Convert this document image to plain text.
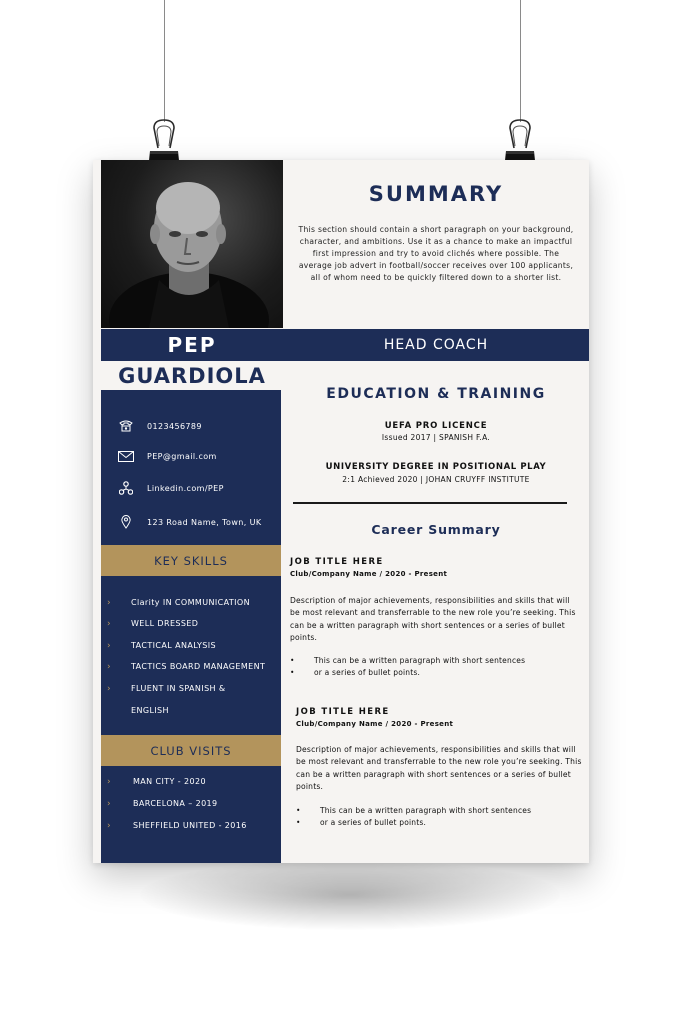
SUMMARY
This section should contain a short paragraph on your background, character, and ambitions. Use it as a chance to make an impactful first impression and try to avoid clichés where possible. The average job advert in football/soccer receives over 100 applicants, all of whom need to be quickly filtered down to a shorter list.
PEP	HEAD COACH
GUARDIOLA
0123456789
PEP@gmail.com
Linkedin.com/PEP
123 Road Name, Town, UK
KEY SKILLS
›	Clarity IN COMMUNICATION
›	WELL DRESSED
›	TACTICAL ANALYSIS
›	TACTICS BOARD MANAGEMENT
›	FLUENT IN SPANISH &
ENGLISH
CLUB VISITS
›	MAN CITY - 2020
›	BARCELONA – 2019
›	SHEFFIELD UNITED - 2016
EDUCATION & TRAINING
UEFA PRO LICENCE
Issued 2017 | SPANISH F.A.
UNIVERSITY DEGREE IN POSITIONAL PLAY
2:1 Achieved 2020 | JOHAN CRUYFF INSTITUTE
Career Summary
JOB TITLE HERE
Club/Company Name / 2020 - Present
Description of major achievements, responsibilities and skills that will be most relevant and transferrable to the new role you’re seeking. This can be a written paragraph with short sentences or a series of bullet points.
•	This can be a written paragraph with short sentences
•	or a series of bullet points.
JOB TITLE HERE
Club/Company Name / 2020 - Present
Description of major achievements, responsibilities and skills that will be most relevant and transferrable to the new role you’re seeking. This can be a written paragraph with short sentences or a series of bullet points.
•	This can be a written paragraph with short sentences
•	or a series of bullet points.
